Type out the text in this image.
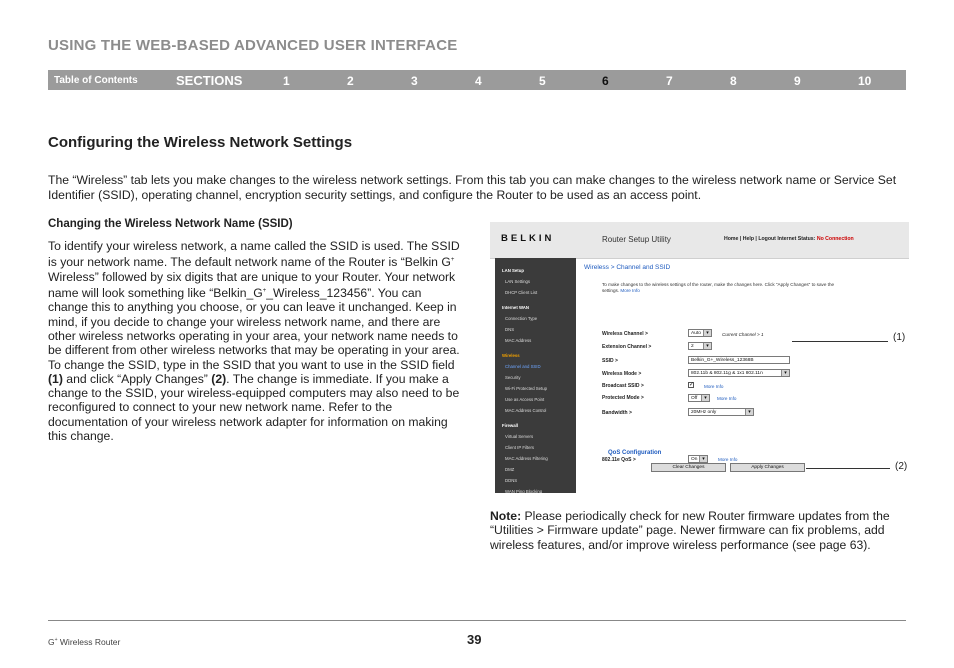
USING THE WEB-BASED ADVANCED USER INTERFACE
Table of Contents	SECTIONS	1	2	3	4	5	6	7	8	9	10
Configuring the Wireless Network Settings
The “Wireless” tab lets you make changes to the wireless network settings. From this tab you can make changes to the wireless network name or Service Set Identifier (SSID), operating channel, encryption security settings, and configure the Router to be used as an access point.
Changing the Wireless Network Name (SSID)
To identify your wireless network, a name called the SSID is used. The SSID is your network name. The default network name of the Router is “Belkin G+ Wireless” followed by six digits that are unique to your Router. Your network name will look something like “Belkin_G+_Wireless_123456”. You can change this to anything you choose, or you can leave it unchanged. Keep in mind, if you decide to change your wireless network name, and there are other wireless networks operating in your area, your network name needs to be different from other wireless networks that may be operating in your area. To change the SSID, type in the SSID that you want to use in the SSID field (1) and click “Apply Changes” (2). The change is immediate. If you make a change to the SSID, your wireless-equipped computers may also need to be reconfigured to connect to your new network name. Refer to the documentation of your wireless network adapter for information on making this change.
BELKIN	Router Setup Utility	Home | Help | Logout Internet Status: No Connection
LAN Setup
LAN Settings
DHCP Client List
Internet WAN
Connection Type
DNS
MAC Address
Wireless
Channel and SSID
Security
Wi-Fi Protected Setup
Use as Access Point
MAC Address Control
Firewall
Virtual Servers
Client IP Filters
MAC Address Filtering
DMZ
DDNS
WAN Ping Blocking
Wireless > Channel and SSID
To make changes to the wireless settings of the router, make the changes here. Click "Apply Changes" to save the settings. More Info
Wireless Channel >	Auto	▾	Current Channel > 1
Extension Channel >	2	▾
SSID >	Belkin_G+_Wireless_12368B
Wireless Mode >	802.11b & 802.11g & 1x1 802.11n	▾
Broadcast SSID >	✓ More Info
Protected Mode >	Off	▾	More Info
Bandwidth >	20MHz only	▾
QoS Configuration
802.11e QoS >	On ▾	More Info
Clear Changes	Apply Changes
(1)
(2)
Note: Please periodically check for new Router firmware updates from the “Utilities > Firmware update” page. Newer firmware can fix problems, add wireless features, and/or improve wireless performance (see page 63).
G+ Wireless Router	39
